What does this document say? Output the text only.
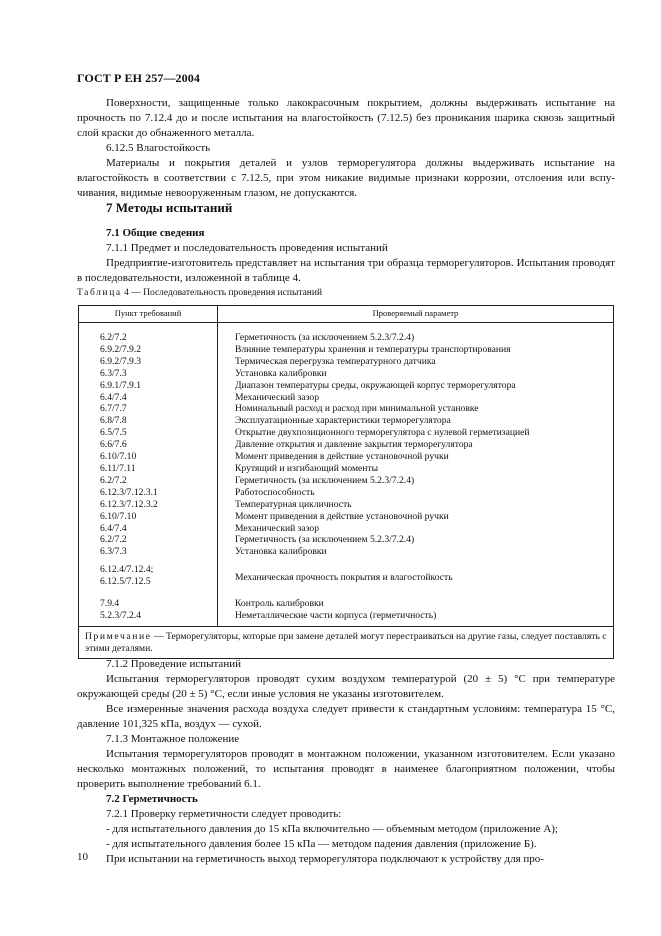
ГОСТ Р ЕН 257—2004

Поверхности, защищенные только лакокрасочным покрытием, должны выдерживать испытание на прочность по 7.12.4 до и после испытания на влагостойкость (7.12.5) без проникания шарика сквозь защитный слой краски до обнаженного металла.

6.12.5 Влагостойкость

Материалы и покрытия деталей и узлов терморегулятора должны выдерживать испытание на влагостойкость в соответствии с 7.12.5, при этом никакие видимые признаки коррозии, отслоения или вспучивания, видимые невооруженным глазом, не допускаются.

7 Методы испытаний

7.1 Общие сведения

7.1.1 Предмет и последовательность проведения испытаний

Предприятие-изготовитель представляет на испытания три образца терморегуляторов. Испытания проводят в последовательности, изложенной в таблице 4.

Таблица 4 — Последовательность проведения испытаний
Пункт требований	Проверяемый параметр
6.2/7.2	Герметичность (за исключением 5.2.3/7.2.4)
6.9.2/7.9.2	Влияние температуры хранения и температуры транспортирования
6.9.2/7.9.3	Термическая перегрузка температурного датчика
6.3/7.3	Установка калибровки
6.9.1/7.9.1	Диапазон температуры среды, окружающей корпус терморегулятора
6.4/7.4	Механический зазор
6.7/7.7	Номинальный расход и расход при минимальной установке
6.8/7.8	Эксплуатационные характеристики терморегулятора
6.5/7.5	Открытие двухпозиционного терморегулятора с нулевой герметизацией
6.6/7.6	Давление открытия и давление закрытия терморегулятора
6.10/7.10	Момент приведения в действие установочной ручки
6.11/7.11	Крутящий и изгибающий моменты
6.2/7.2	Герметичность (за исключением 5.2.3/7.2.4)
6.12.3/7.12.3.1	Работоспособность
6.12.3/7.12.3.2	Температурная цикличность
6.10/7.10	Момент приведения в действие установочной ручки
6.4/7.4	Механический зазор
6.2/7.2	Герметичность (за исключением 5.2.3/7.2.4)
6.3/7.3	Установка калибровки
6.12.4/7.12.4;
6.12.5/7.12.5	Механическая прочность покрытия и влагостойкость
7.9.4	Контроль калибровки
5.2.3/7.2.4	Неметаллические части корпуса (герметичность)
Примечание — Терморегуляторы, которые при замене деталей могут перестраиваться на другие газы, следует поставлять с этими деталями.	

7.1.2 Проведение испытаний

Испытания терморегуляторов проводят сухим воздухом температурой (20 ± 5) °С при температуре окружающей среды (20 ± 5) °С, если иные условия не указаны изготовителем.

Все измеренные значения расхода воздуха следует привести к стандартным условиям: температура 15 °С, давление 101,325 кПа, воздух — сухой.

7.1.3 Монтажное положение

Испытания терморегуляторов проводят в монтажном положении, указанном изготовителем. Если указано несколько монтажных положений, то испытания проводят в наименее благоприятном положении, чтобы проверить выполнение требований 6.1.

7.2 Герметичность

7.2.1 Проверку герметичности следует проводить:

- для испытательного давления до 15 кПа включительно — объемным методом (приложение А);

- для испытательного давления более 15 кПа — методом падения давления (приложение Б).

При испытании на герметичность выход терморегулятора подключают к устройству для про-

10
